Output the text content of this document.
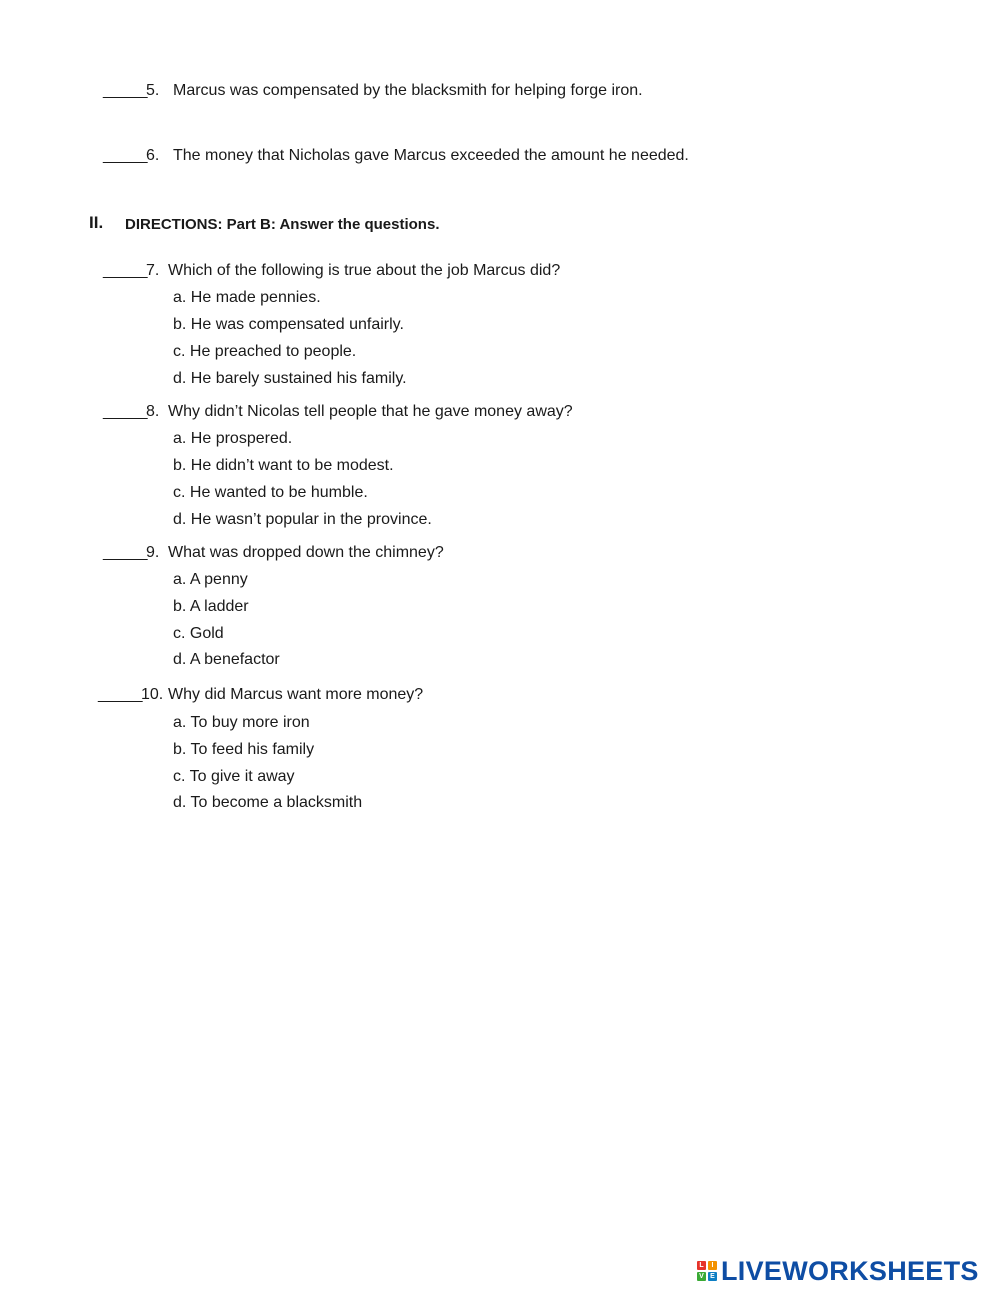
_____
5. Marcus was compensated by the blacksmith for helping forge iron.
_____
6. The money that Nicholas gave Marcus exceeded the amount he needed.
II. DIRECTIONS: Part B: Answer the questions.
_____
7. Which of the following is true about the job Marcus did?
a. He made pennies.
b. He was compensated unfairly.
c. He preached to people.
d. He barely sustained his family.
_____
8. Why didn’t Nicolas tell people that he gave money away?
a. He prospered.
b. He didn’t want to be modest.
c. He wanted to be humble.
d. He wasn’t popular in the province.
_____
9. What was dropped down the chimney?
a. A penny
b. A ladder
c. Gold
d. A benefactor
_____
10. Why did Marcus want more money?
a. To buy more iron
b. To feed his family
c. To give it away
d. To become a blacksmith
L	I
V E LIVEWORKSHEETS
